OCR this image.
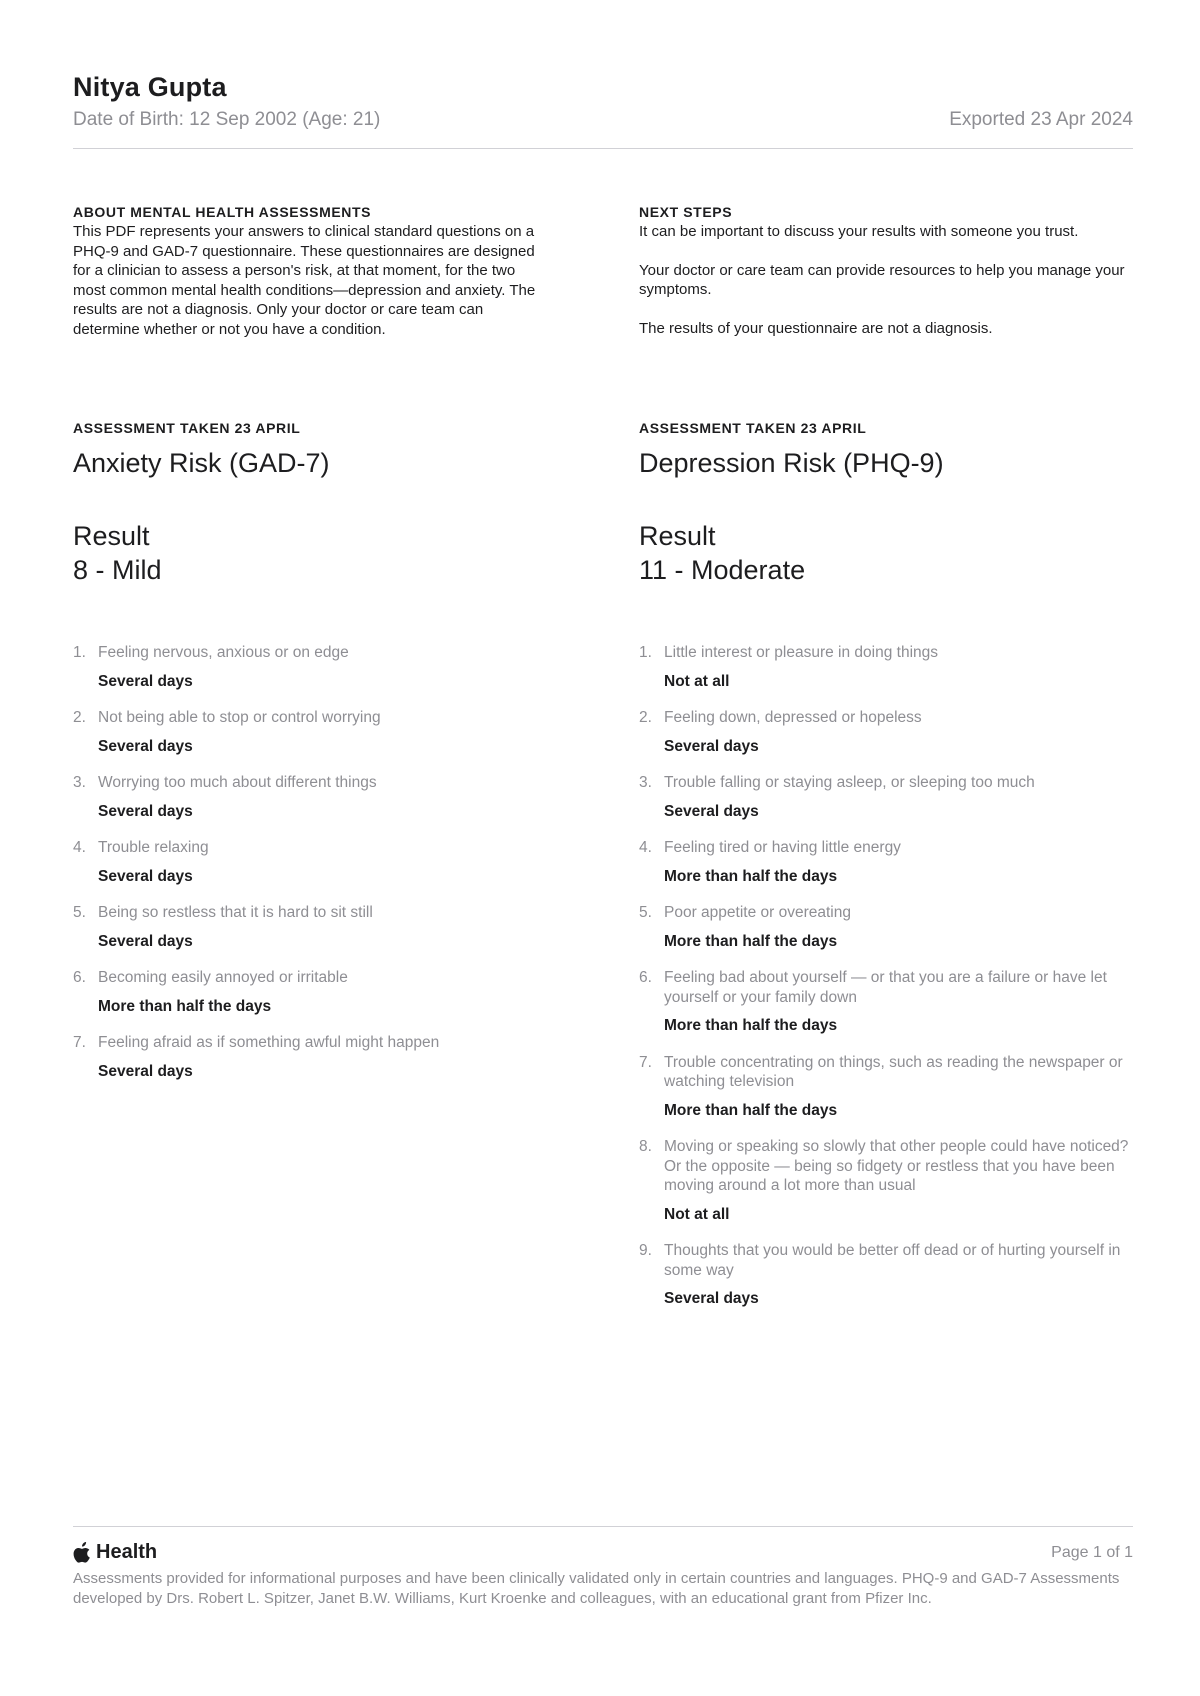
Nitya Gupta
Date of Birth: 12 Sep 2002 (Age: 21)	Exported 23 Apr 2024

ABOUT MENTAL HEALTH ASSESSMENTS

This PDF represents your answers to clinical standard questions on a PHQ-9 and GAD-7 questionnaire. These questionnaires are designed for a clinician to assess a person's risk, at that moment, for the two most common mental health conditions—depression and anxiety. The results are not a diagnosis. Only your doctor or care team can determine whether or not you have a condition.

NEXT STEPS

It can be important to discuss your results with someone you trust.

Your doctor or care team can provide resources to help you manage your symptoms.

The results of your questionnaire are not a diagnosis.

ASSESSMENT TAKEN 23 APRIL

Anxiety Risk (GAD-7)

Result

8 - Mild

1. Feeling nervous, anxious or on edge
Several days
2. Not being able to stop or control worrying
Several days
3. Worrying too much about different things
Several days
4. Trouble relaxing
Several days
5. Being so restless that it is hard to sit still
Several days
6. Becoming easily annoyed or irritable
More than half the days
7. Feeling afraid as if something awful might happen
Several days

ASSESSMENT TAKEN 23 APRIL

Depression Risk (PHQ-9)

Result

11 - Moderate

1. Little interest or pleasure in doing things
Not at all
2. Feeling down, depressed or hopeless
Several days
3. Trouble falling or staying asleep, or sleeping too much
Several days
4. Feeling tired or having little energy
More than half the days
5. Poor appetite or overeating
More than half the days
6. Feeling bad about yourself — or that you are a failure or have let yourself or your family down
More than half the days
7. Trouble concentrating on things, such as reading the newspaper or watching television
More than half the days
8. Moving or speaking so slowly that other people could have noticed? Or the opposite — being so fidgety or restless that you have been moving around a lot more than usual
Not at all
9. Thoughts that you would be better off dead or of hurting yourself in some way
Several days
Health	Page 1 of 1

Assessments provided for informational purposes and have been clinically validated only in certain countries and languages. PHQ-9 and GAD-7 Assessments developed by Drs. Robert L. Spitzer, Janet B.W. Williams, Kurt Kroenke and colleagues, with an educational grant from Pfizer Inc.
